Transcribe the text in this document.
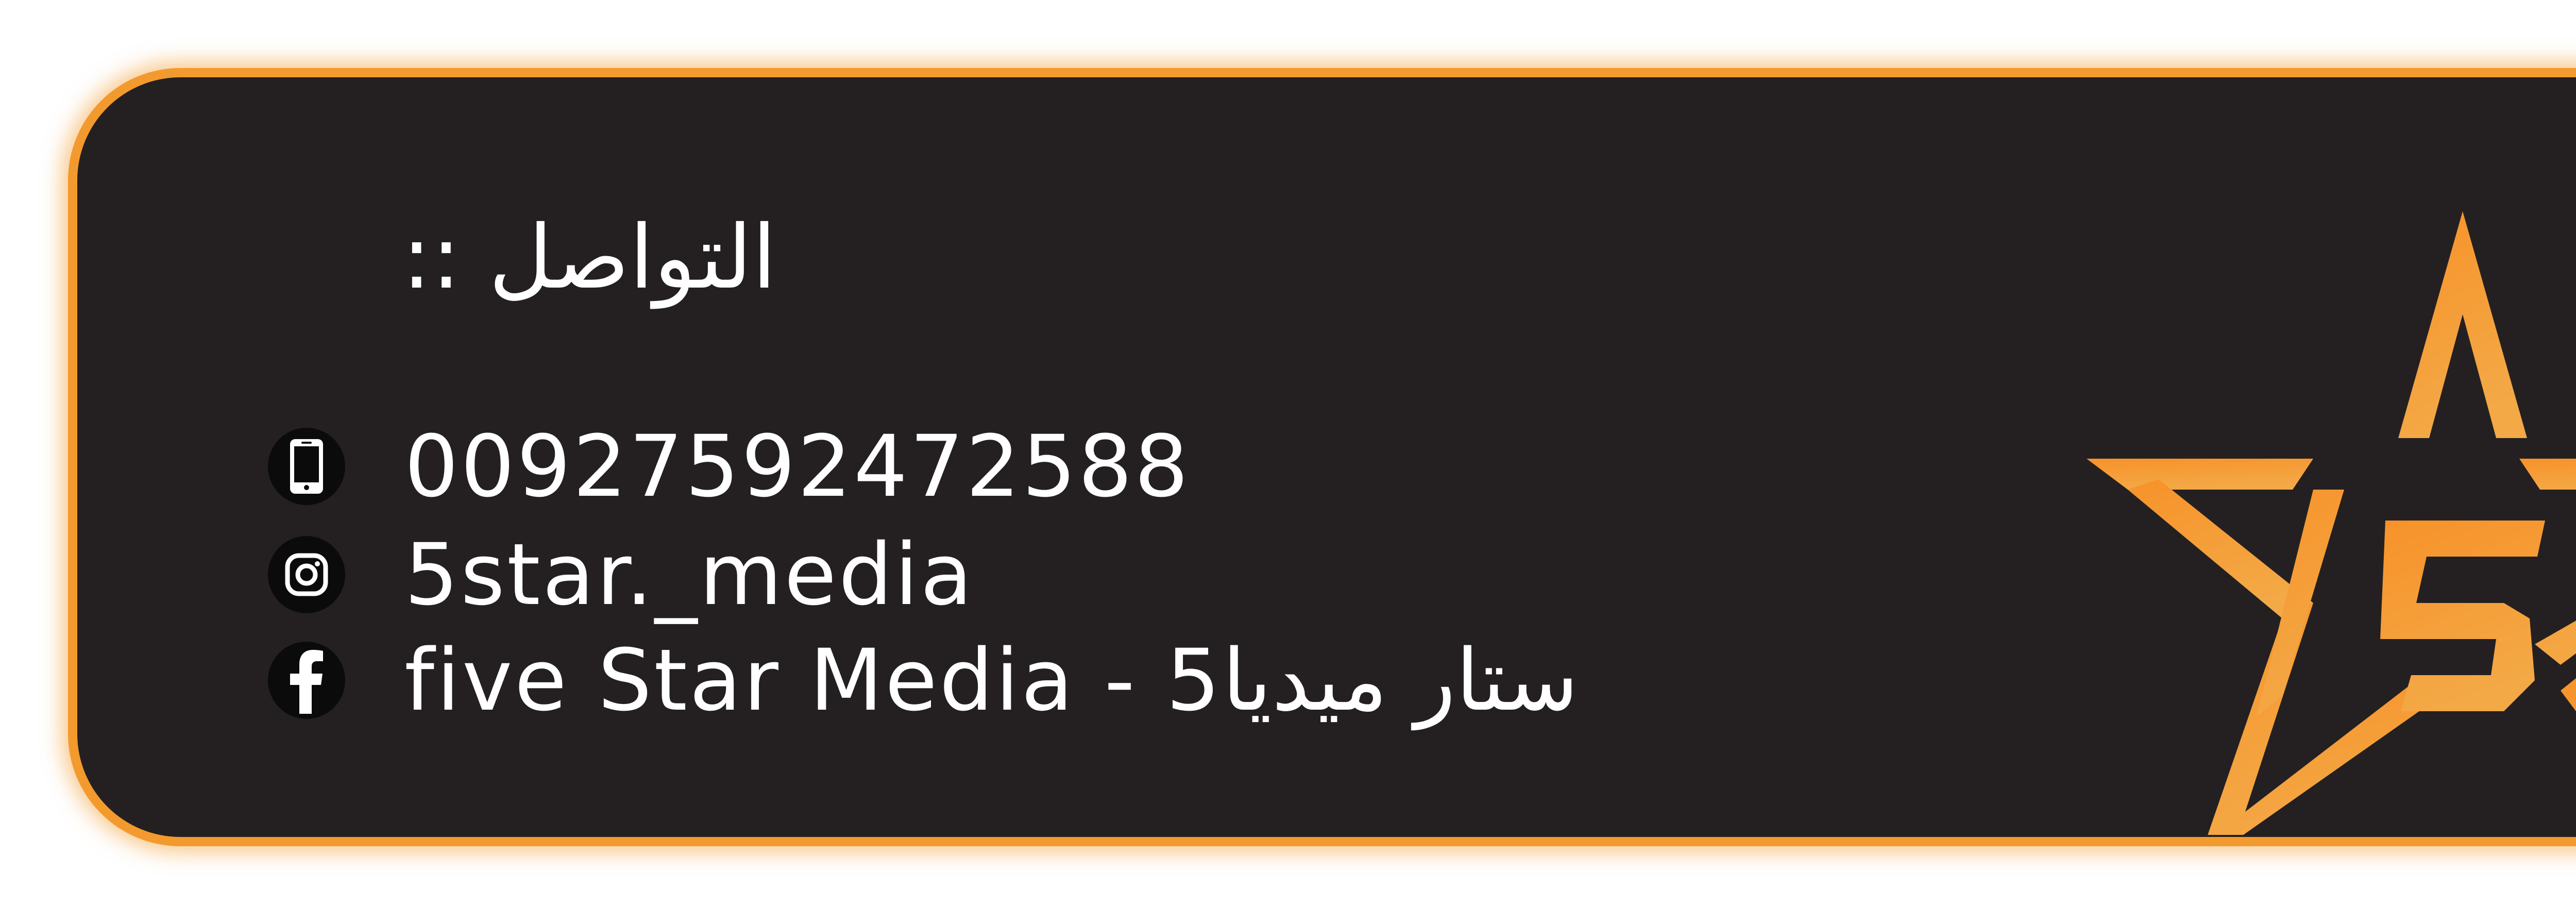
التواصل ::
00927592472588
5star._media
five Star Media - 5ستار ميديا
